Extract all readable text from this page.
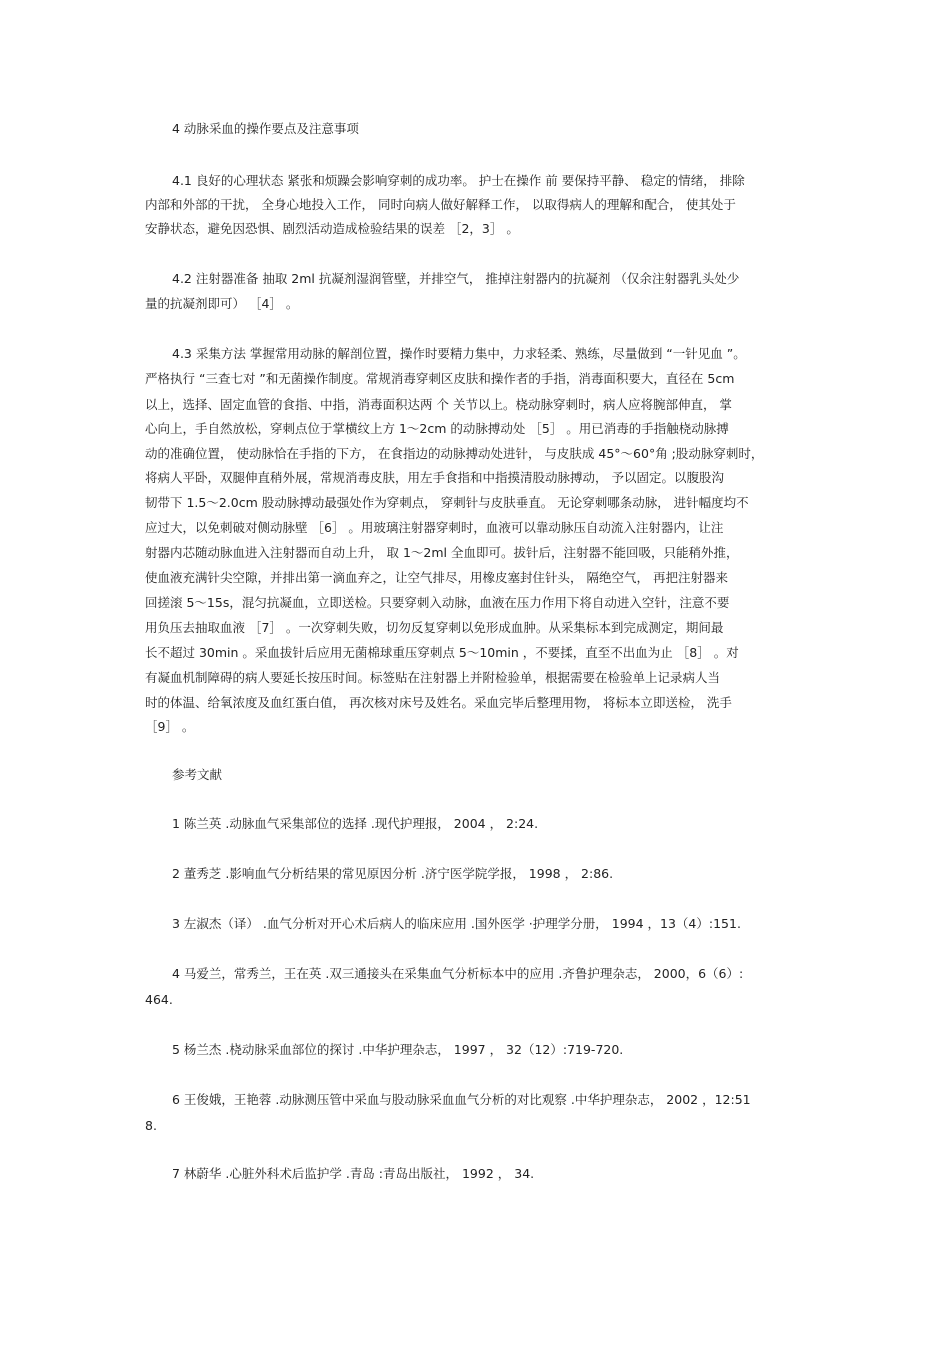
4 动脉采血的操作要点及注意事项
4.1 良好的心理状态 紧张和烦躁会影响穿刺的成功率。 护士在操作 前 要保持平静、 稳定的情绪， 排除
内部和外部的干扰， 全身心地投入工作， 同时向病人做好解释工作， 以取得病人的理解和配合， 使其处于
安静状态，避免因恐惧、剧烈活动造成检验结果的误差 ［2，3］ 。
4.2 注射器准备 抽取 2ml 抗凝剂湿润管壁，并排空气， 推掉注射器内的抗凝剂 （仅余注射器乳头处少
量的抗凝剂即可） ［4］ 。
4.3 采集方法 掌握常用动脉的解剖位置，操作时要精力集中，力求轻柔、熟练，尽量做到 “一针见血 ”。
严格执行 “三查七对 ”和无菌操作制度。常规消毒穿刺区皮肤和操作者的手指，消毒面积要大，直径在 5cm
以上，选择、固定血管的食指、中指，消毒面积达两 个 关节以上。桡动脉穿刺时，病人应将腕部伸直， 掌
心向上，手自然放松，穿刺点位于掌横纹上方 1～2cm 的动脉搏动处 ［5］ 。用已消毒的手指触桡动脉搏
动的准确位置， 使动脉恰在手指的下方， 在食指边的动脉搏动处进针， 与皮肤成 45°～60°角 ;股动脉穿刺时，
将病人平卧，双腿伸直稍外展，常规消毒皮肤，用左手食指和中指摸清股动脉搏动， 予以固定。以腹股沟
韧带下 1.5～2.0cm 股动脉搏动最强处作为穿刺点， 穿刺针与皮肤垂直。 无论穿刺哪条动脉， 进针幅度均不
应过大，以免刺破对侧动脉壁 ［6］ 。用玻璃注射器穿刺时，血液可以靠动脉压自动流入注射器内，让注
射器内芯随动脉血进入注射器而自动上升， 取 1～2ml 全血即可。拔针后，注射器不能回吸，只能稍外推，
使血液充满针尖空隙，并排出第一滴血弃之，让空气排尽，用橡皮塞封住针头， 隔绝空气， 再把注射器来
回搓滚 5～15s，混匀抗凝血，立即送检。只要穿刺入动脉，血液在压力作用下将自动进入空针，注意不要
用负压去抽取血液 ［7］ 。一次穿刺失败，切勿反复穿刺以免形成血肿。从采集标本到完成测定，期间最
长不超过 30min 。采血拔针后应用无菌棉球重压穿刺点 5～10min ，不要揉，直至不出血为止 ［8］ 。对
有凝血机制障碍的病人要延长按压时间。标签贴在注射器上并附检验单，根据需要在检验单上记录病人当
时的体温、给氧浓度及血红蛋白值， 再次核对床号及姓名。采血完毕后整理用物， 将标本立即送检， 洗手
［9］ 。
参考文献
1 陈兰英 .动脉血气采集部位的选择 .现代护理报， 2004 ， 2:24.
2 董秀芝 .影响血气分析结果的常见原因分析 .济宁医学院学报， 1998 ， 2:86.
3 左淑杰（译） .血气分析对开心术后病人的临床应用 .国外医学 ·护理学分册， 1994 ，13（4）:151.
4 马爱兰，常秀兰，王在英 .双三通接头在采集血气分析标本中的应用 .齐鲁护理杂志， 2000，6（6）:
464.
5 杨兰杰 .桡动脉采血部位的探讨 .中华护理杂志， 1997 ， 32（12）:719-720.
6 王俊娥，王艳蓉 .动脉测压管中采血与股动脉采血血气分析的对比观察 .中华护理杂志， 2002 ，12:51
8.
7 林蔚华 .心脏外科术后监护学 .青岛 :青岛出版社， 1992 ， 34.
